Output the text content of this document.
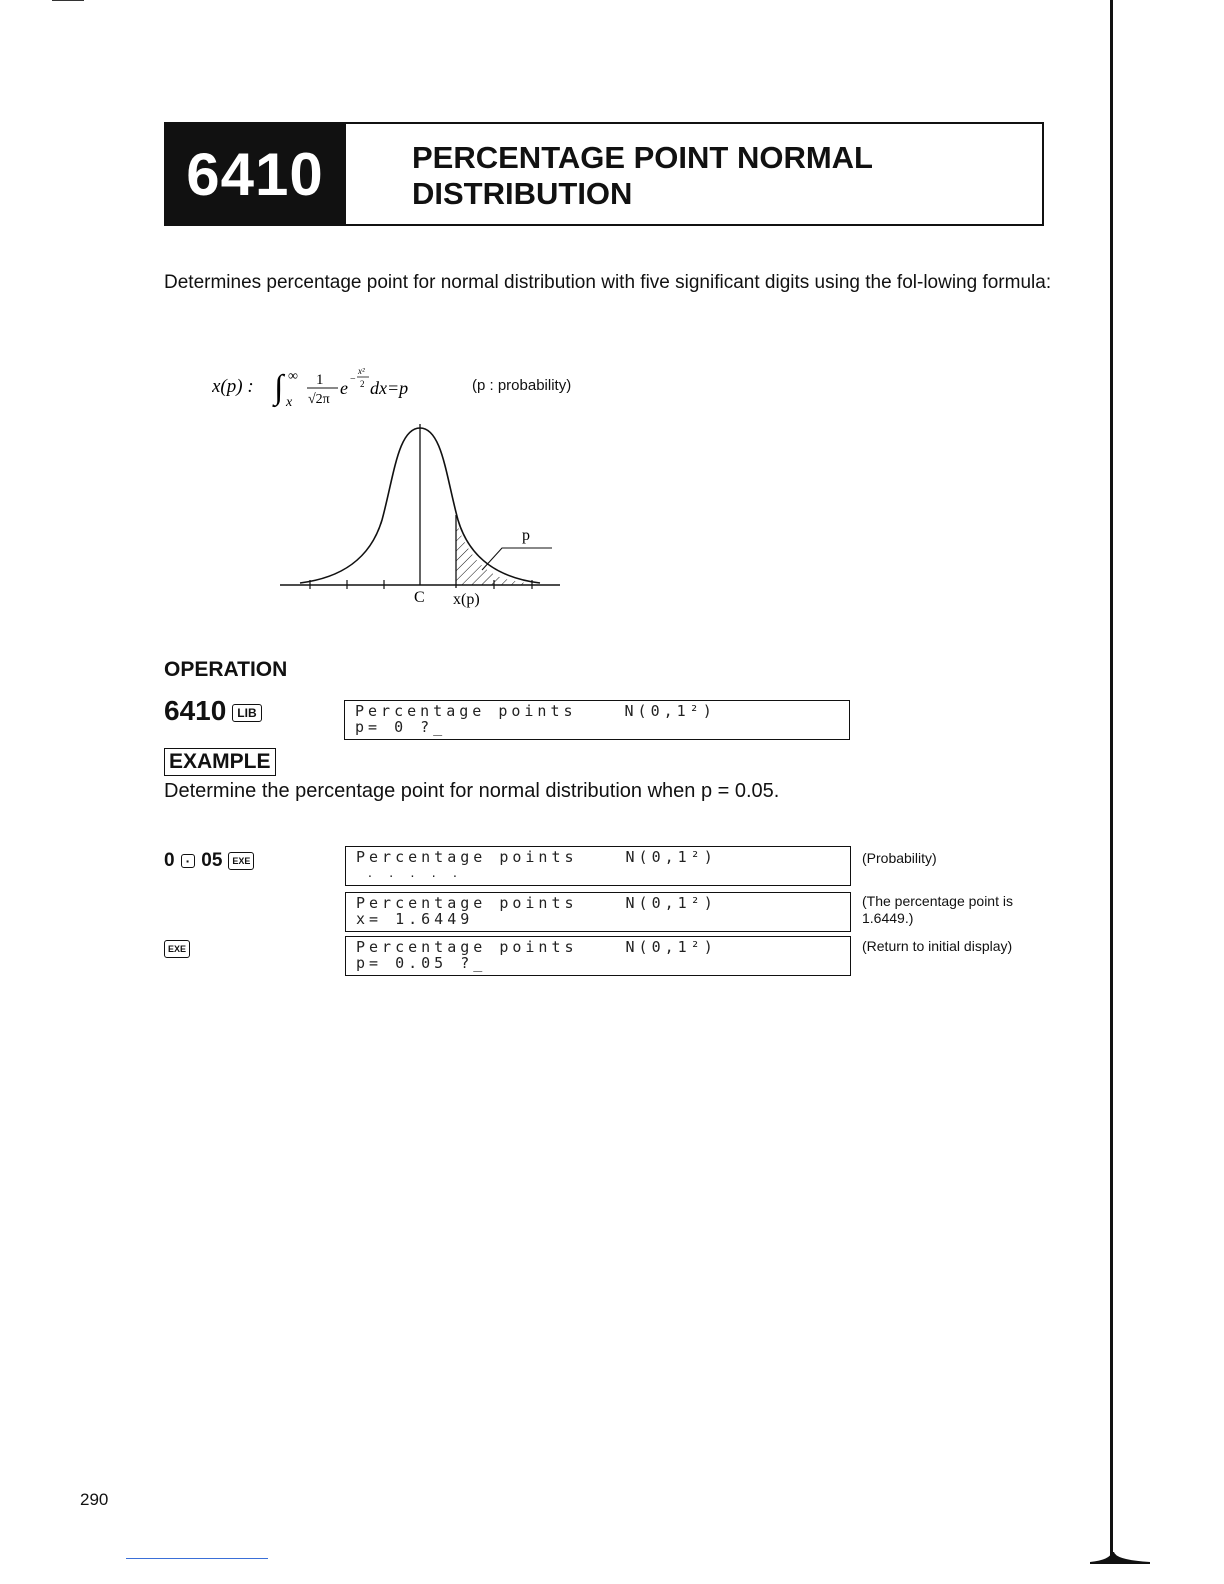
6410	PERCENTAGE POINT NORMAL
DISTRIBUTION
Determines percentage point for normal distribution with five significant digits using the fol-lowing formula:
x(p) : ∫ ∞
x
1
√2π
e −
x²
2 dx=p	(p : probability)
p
C x(p)
OPERATION
6410 LIB	Percentage points	N(0,1²)
p= 0 ?_
EXAMPLE
Determine the percentage point for normal distribution when p = 0.05.
0 · 05	EXE	Percentage points	N(0,1²)
. . . . .
(Probability)
Percentage points	N(0,1²)
x= 1.6449
(The percentage point is 1.6449.)
EXE	Percentage points	N(0,1²)
p= 0.05 ?_
(Return to initial display)
290
